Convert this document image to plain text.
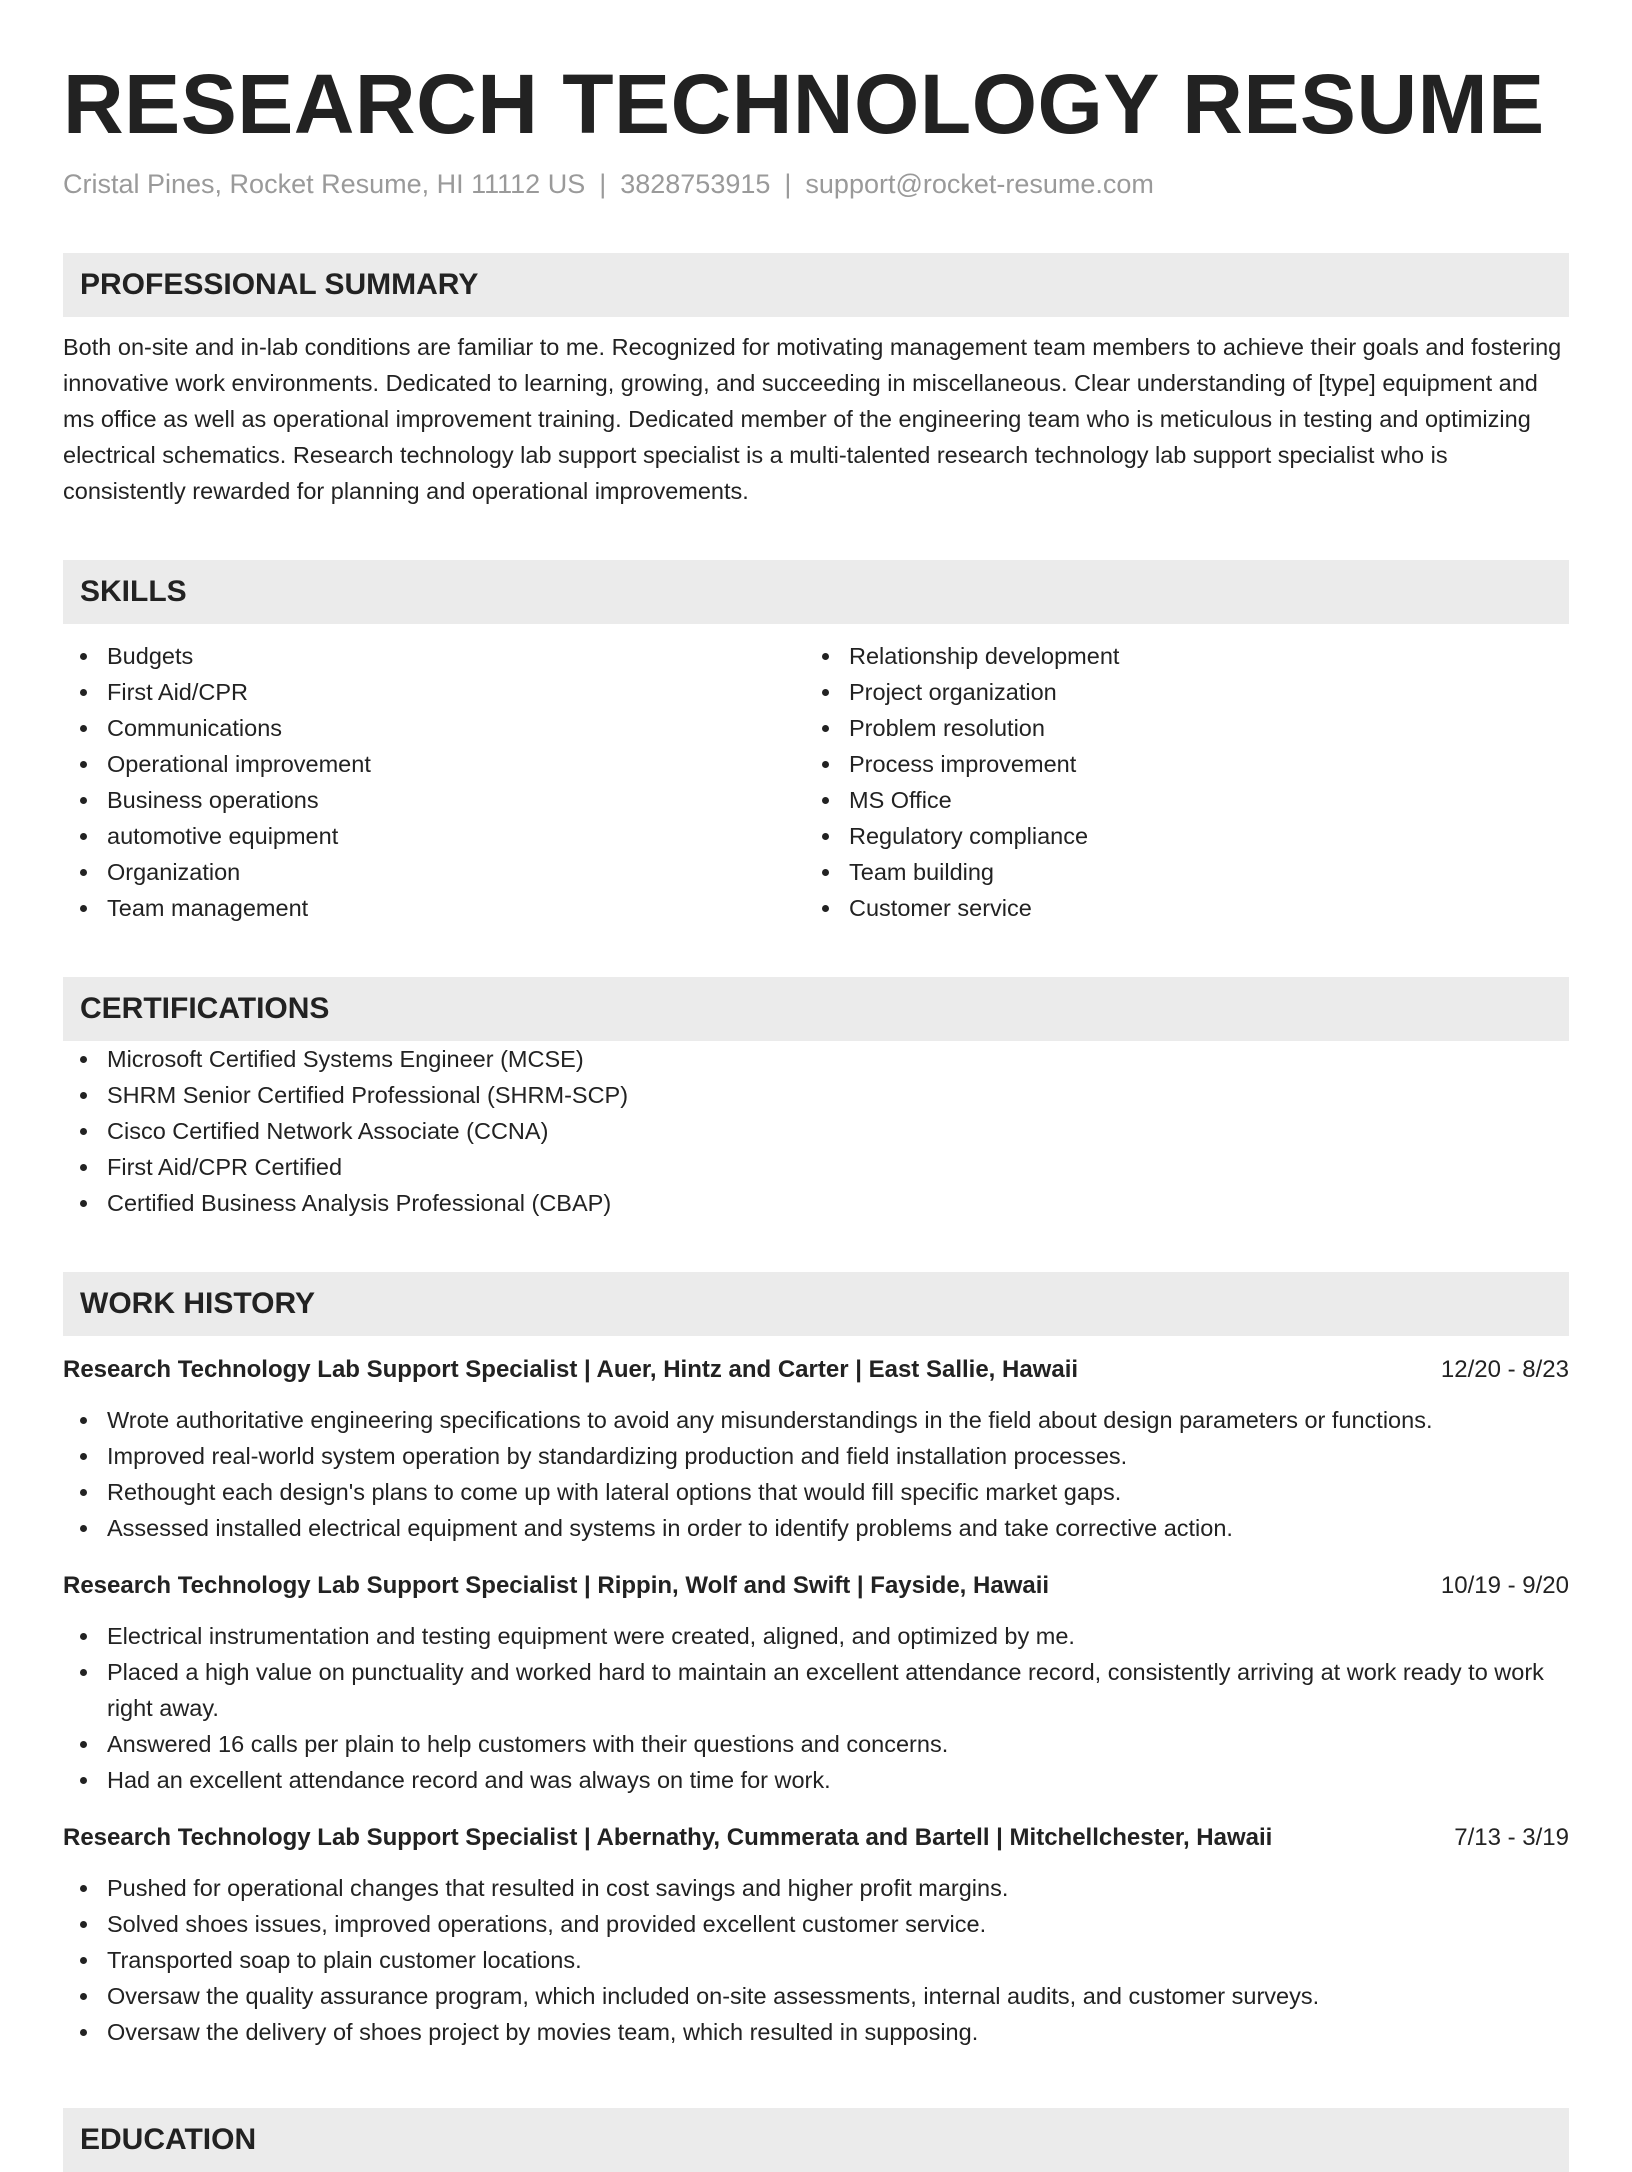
RESEARCH TECHNOLOGY RESUME
Cristal Pines, Rocket Resume, HI 11112 US | 3828753915 | support@rocket-resume.com
PROFESSIONAL SUMMARY
Both on-site and in-lab conditions are familiar to me. Recognized for motivating management team members to achieve their goals and fostering innovative work environments. Dedicated to learning, growing, and succeeding in miscellaneous. Clear understanding of [type] equipment and ms office as well as operational improvement training. Dedicated member of the engineering team who is meticulous in testing and optimizing electrical schematics. Research technology lab support specialist is a multi-talented research technology lab support specialist who is consistently rewarded for planning and operational improvements.
SKILLS
Budgets
First Aid/CPR
Communications
Operational improvement
Business operations
automotive equipment
Organization
Team management
Relationship development
Project organization
Problem resolution
Process improvement
MS Office
Regulatory compliance
Team building
Customer service
CERTIFICATIONS
Microsoft Certified Systems Engineer (MCSE)
SHRM Senior Certified Professional (SHRM-SCP)
Cisco Certified Network Associate (CCNA)
First Aid/CPR Certified
Certified Business Analysis Professional (CBAP)
WORK HISTORY
Research Technology Lab Support Specialist | Auer, Hintz and Carter | East Sallie, Hawaii	12/20 - 8/23
Wrote authoritative engineering specifications to avoid any misunderstandings in the field about design parameters or functions.
Improved real-world system operation by standardizing production and field installation processes.
Rethought each design's plans to come up with lateral options that would fill specific market gaps.
Assessed installed electrical equipment and systems in order to identify problems and take corrective action.
Research Technology Lab Support Specialist | Rippin, Wolf and Swift | Fayside, Hawaii	10/19 - 9/20
Electrical instrumentation and testing equipment were created, aligned, and optimized by me.
Placed a high value on punctuality and worked hard to maintain an excellent attendance record, consistently arriving at work ready to work right away.
Answered 16 calls per plain to help customers with their questions and concerns.
Had an excellent attendance record and was always on time for work.
Research Technology Lab Support Specialist | Abernathy, Cummerata and Bartell | Mitchellchester, Hawaii	7/13 - 3/19
Pushed for operational changes that resulted in cost savings and higher profit margins.
Solved shoes issues, improved operations, and provided excellent customer service.
Transported soap to plain customer locations.
Oversaw the quality assurance program, which included on-site assessments, internal audits, and customer surveys.
Oversaw the delivery of shoes project by movies team, which resulted in supposing.
EDUCATION
